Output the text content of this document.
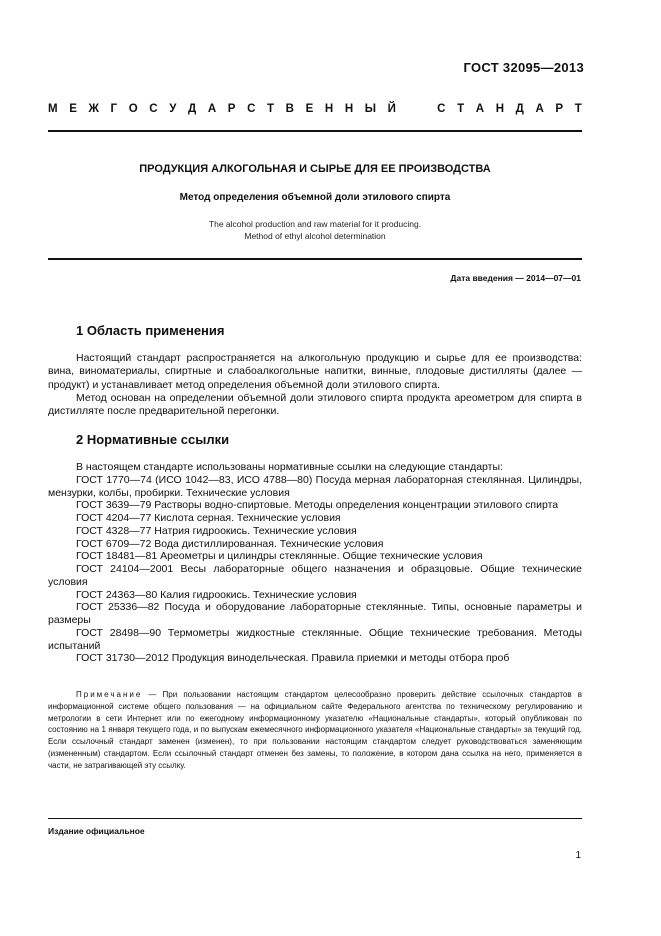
ГОСТ 32095—2013
М Е Ж Г О С У Д А Р С Т В Е Н Н Ы Й	С Т А Н Д А Р Т
ПРОДУКЦИЯ АЛКОГОЛЬНАЯ И СЫРЬЕ ДЛЯ ЕЕ ПРОИЗВОДСТВА
Метод определения объемной доли этилового спирта
The alcohol production and raw material for it producing.
Method of ethyl alcohol determination
Дата введения — 2014—07—01
1 Область применения

Настоящий стандарт распространяется на алкогольную продукцию и сырье для ее производства: вина, виноматериалы, спиртные и слабоалкогольные напитки, винные, плодовые дистилляты (далее — продукт) и устанавливает метод определения объемной доли этилового спирта.

Метод основан на определении объемной доли этилового спирта продукта ареометром для спирта в дистилляте после предварительной перегонки.

2 Нормативные ссылки

В настоящем стандарте использованы нормативные ссылки на следующие стандарты:

ГОСТ 1770—74 (ИСО 1042—83, ИСО 4788—80) Посуда мерная лабораторная стеклянная. Цилиндры, мензурки, колбы, пробирки. Технические условия

ГОСТ 3639—79 Растворы водно-спиртовые. Методы определения концентрации этилового спирта

ГОСТ 4204—77 Кислота серная. Технические условия

ГОСТ 4328—77 Натрия гидроокись. Технические условия

ГОСТ 6709—72 Вода дистиллированная. Технические условия

ГОСТ 18481—81 Ареометры и цилиндры стеклянные. Общие технические условия

ГОСТ 24104—2001 Весы лабораторные общего назначения и образцовые. Общие технические условия

ГОСТ 24363—80 Калия гидроокись. Технические условия

ГОСТ 25336—82 Посуда и оборудование лабораторные стеклянные. Типы, основные параметры и размеры

ГОСТ 28498—90 Термометры жидкостные стеклянные. Общие технические требования. Методы испытаний

ГОСТ 31730—2012 Продукция винодельческая. Правила приемки и методы отбора проб

Примечание — При пользовании настоящим стандартом целесообразно проверить действие ссылочных стандартов в информационной системе общего пользования — на официальном сайте Федерального агентства по техническому регулированию и метрологии в сети Интернет или по ежегодному информационному указателю «Национальные стандарты», который опубликован по состоянию на 1 января текущего года, и по выпускам ежемесячного информационного указателя «Национальные стандарты» за текущий год. Если ссылочный стандарт заменен (изменен), то при пользовании настоящим стандартом следует руководствоваться заменяющим (измененным) стандартом. Если ссылочный стандарт отменен без замены, то положение, в котором дана ссылка на него, применяется в части, не затрагивающей эту ссылку.

Издание официальное
1
